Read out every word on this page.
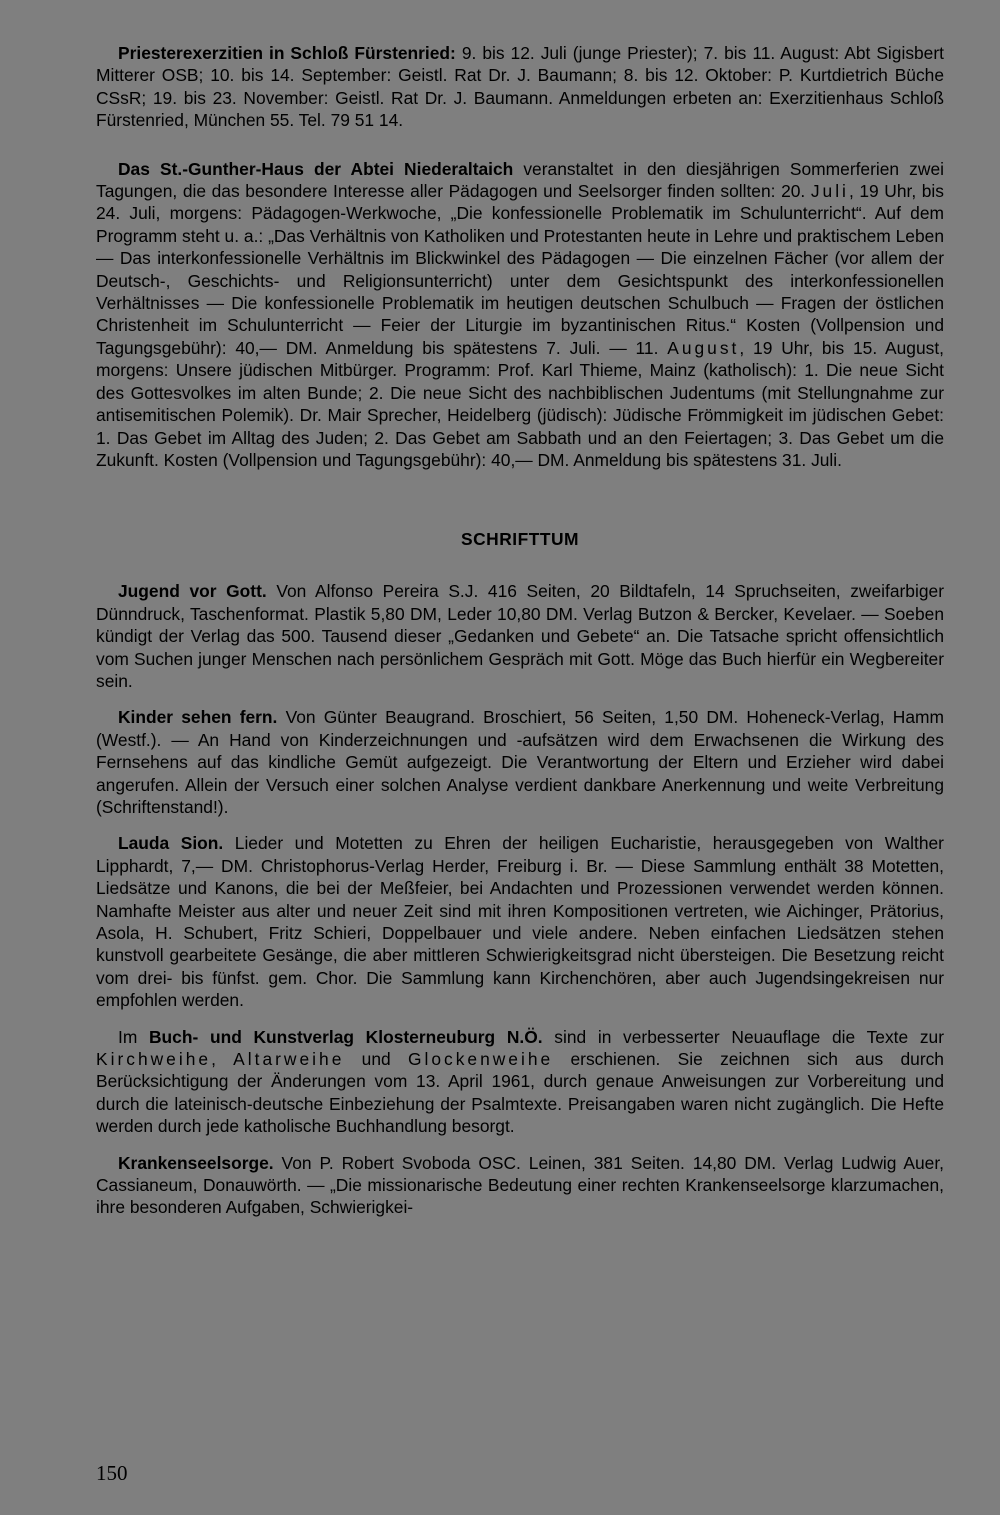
Priesterexerzitien in Schloß Fürstenried: 9. bis 12. Juli (junge Priester); 7. bis 11. August: Abt Sigisbert Mitterer OSB; 10. bis 14. September: Geistl. Rat Dr. J. Baumann; 8. bis 12. Oktober: P. Kurtdietrich Büche CSsR; 19. bis 23. November: Geistl. Rat Dr. J. Baumann. Anmeldungen erbeten an: Exerzitienhaus Schloß Fürstenried, München 55. Tel. 79 51 14.

Das St.-Gunther-Haus der Abtei Niederaltaich veranstaltet in den diesjährigen Sommerferien zwei Tagungen, die das besondere Interesse aller Pädagogen und Seelsorger finden sollten: 20. Juli, 19 Uhr, bis 24. Juli, morgens: Pädagogen-Werkwoche, „Die konfessionelle Problematik im Schulunterricht“. Auf dem Programm steht u. a.: „Das Verhältnis von Katholiken und Protestanten heute in Lehre und praktischem Leben — Das interkonfessionelle Verhältnis im Blickwinkel des Pädagogen — Die einzelnen Fächer (vor allem der Deutsch-, Geschichts- und Religionsunterricht) unter dem Gesichtspunkt des interkonfessionellen Verhältnisses — Die konfessionelle Problematik im heutigen deutschen Schulbuch — Fragen der östlichen Christenheit im Schulunterricht — Feier der Liturgie im byzantinischen Ritus.“ Kosten (Vollpension und Tagungsgebühr): 40,— DM. Anmeldung bis spätestens 7. Juli. — 11. August, 19 Uhr, bis 15. August, morgens: Unsere jüdischen Mitbürger. Programm: Prof. Karl Thieme, Mainz (katholisch): 1. Die neue Sicht des Gottesvolkes im alten Bunde; 2. Die neue Sicht des nachbiblischen Judentums (mit Stellungnahme zur antisemitischen Polemik). Dr. Mair Sprecher, Heidelberg (jüdisch): Jüdische Frömmigkeit im jüdischen Gebet: 1. Das Gebet im Alltag des Juden; 2. Das Gebet am Sabbath und an den Feiertagen; 3. Das Gebet um die Zukunft. Kosten (Vollpension und Tagungsgebühr): 40,— DM. Anmeldung bis spätestens 31. Juli.

SCHRIFTTUM

Jugend vor Gott. Von Alfonso Pereira S.J. 416 Seiten, 20 Bildtafeln, 14 Spruchseiten, zweifarbiger Dünndruck, Taschenformat. Plastik 5,80 DM, Leder 10,80 DM. Verlag Butzon & Bercker, Kevelaer. — Soeben kündigt der Verlag das 500. Tausend dieser „Gedanken und Gebete“ an. Die Tatsache spricht offensichtlich vom Suchen junger Menschen nach persönlichem Gespräch mit Gott. Möge das Buch hierfür ein Wegbereiter sein.

Kinder sehen fern. Von Günter Beaugrand. Broschiert, 56 Seiten, 1,50 DM. Hoheneck-Verlag, Hamm (Westf.). — An Hand von Kinderzeichnungen und -aufsätzen wird dem Erwachsenen die Wirkung des Fernsehens auf das kindliche Gemüt aufgezeigt. Die Verantwortung der Eltern und Erzieher wird dabei angerufen. Allein der Versuch einer solchen Analyse verdient dankbare Anerkennung und weite Verbreitung (Schriftenstand!).

Lauda Sion. Lieder und Motetten zu Ehren der heiligen Eucharistie, herausgegeben von Walther Lipphardt, 7,— DM. Christophorus-Verlag Herder, Freiburg i. Br. — Diese Sammlung enthält 38 Motetten, Liedsätze und Kanons, die bei der Meßfeier, bei Andachten und Prozessionen verwendet werden können. Namhafte Meister aus alter und neuer Zeit sind mit ihren Kompositionen vertreten, wie Aichinger, Prätorius, Asola, H. Schubert, Fritz Schieri, Doppelbauer und viele andere. Neben einfachen Liedsätzen stehen kunstvoll gearbeitete Gesänge, die aber mittleren Schwierigkeitsgrad nicht übersteigen. Die Besetzung reicht vom drei- bis fünfst. gem. Chor. Die Sammlung kann Kirchenchören, aber auch Jugendsingekreisen nur empfohlen werden.

Im Buch- und Kunstverlag Klosterneuburg N.Ö. sind in verbesserter Neuauflage die Texte zur Kirchweihe, Altarweihe und Glockenweihe erschienen. Sie zeichnen sich aus durch Berücksichtigung der Änderungen vom 13. April 1961, durch genaue Anweisungen zur Vorbereitung und durch die lateinisch-deutsche Einbeziehung der Psalmtexte. Preisangaben waren nicht zugänglich. Die Hefte werden durch jede katholische Buchhandlung besorgt.

Krankenseelsorge. Von P. Robert Svoboda OSC. Leinen, 381 Seiten. 14,80 DM. Verlag Ludwig Auer, Cassianeum, Donauwörth. — „Die missionarische Bedeutung einer rechten Krankenseelsorge klarzumachen, ihre besonderen Aufgaben, Schwierigkei-

150
